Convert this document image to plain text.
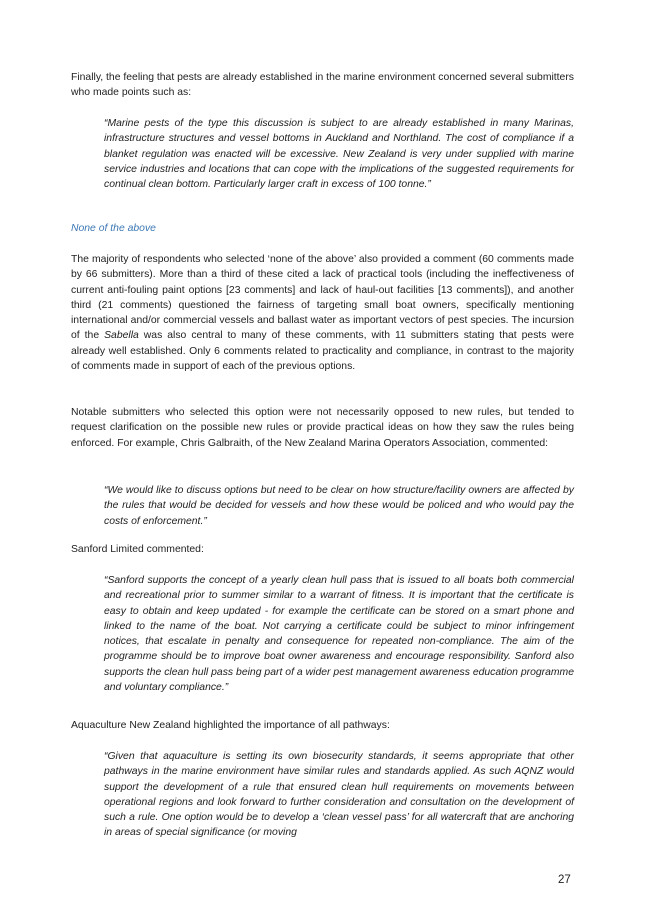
Finally, the feeling that pests are already established in the marine environment concerned several submitters who made points such as:

“Marine pests of the type this discussion is subject to are already established in many Marinas, infrastructure structures and vessel bottoms in Auckland and Northland. The cost of compliance if a blanket regulation was enacted will be excessive. New Zealand is very under supplied with marine service industries and locations that can cope with the implications of the suggested requirements for continual clean bottom. Particularly larger craft in excess of 100 tonne.”

None of the above

The majority of respondents who selected ‘none of the above’ also provided a comment (60 comments made by 66 submitters). More than a third of these cited a lack of practical tools (including the ineffectiveness of current anti-fouling paint options [23 comments] and lack of haul-out facilities [13 comments]), and another third (21 comments) questioned the fairness of targeting small boat owners, specifically mentioning international and/or commercial vessels and ballast water as important vectors of pest species. The incursion of the Sabella was also central to many of these comments, with 11 submitters stating that pests were already well established. Only 6 comments related to practicality and compliance, in contrast to the majority of comments made in support of each of the previous options.

Notable submitters who selected this option were not necessarily opposed to new rules, but tended to request clarification on the possible new rules or provide practical ideas on how they saw the rules being enforced. For example, Chris Galbraith, of the New Zealand Marina Operators Association, commented:

“We would like to discuss options but need to be clear on how structure/facility owners are affected by the rules that would be decided for vessels and how these would be policed and who would pay the costs of enforcement.”

Sanford Limited commented:

“Sanford supports the concept of a yearly clean hull pass that is issued to all boats both commercial and recreational prior to summer similar to a warrant of fitness. It is important that the certificate is easy to obtain and keep updated - for example the certificate can be stored on a smart phone and linked to the name of the boat. Not carrying a certificate could be subject to minor infringement notices, that escalate in penalty and consequence for repeated non-compliance. The aim of the programme should be to improve boat owner awareness and encourage responsibility. Sanford also supports the clean hull pass being part of a wider pest management awareness education programme and voluntary compliance.”

Aquaculture New Zealand highlighted the importance of all pathways:

“Given that aquaculture is setting its own biosecurity standards, it seems appropriate that other pathways in the marine environment have similar rules and standards applied. As such AQNZ would support the development of a rule that ensured clean hull requirements on movements between operational regions and look forward to further consideration and consultation on the development of such a rule. One option would be to develop a ‘clean vessel pass’ for all watercraft that are anchoring in areas of special significance (or moving

27
